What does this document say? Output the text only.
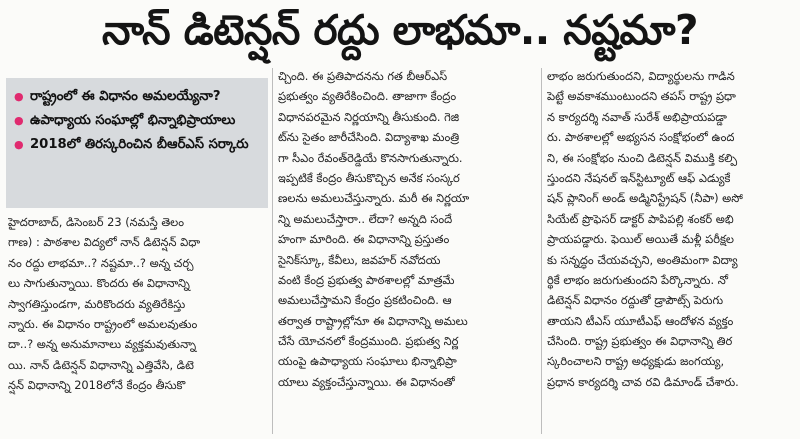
నాన్ డిటెన్షన్ రద్దు లాభమా.. నష్టమా?
● రాష్ట్రంలో ఈ విధానం అమలయ్యేనా?
● ఉపాధ్యాయ సంఘాల్లో భిన్నాభిప్రాయాలు
● 2018లో తిరస్కరించిన బీఆర్ఎస్ సర్కారు
హైదరాబాద్, డిసెంబర్ 23 (నమస్తే తెలం
గాణ) : పాఠశాల విద్యలో నాన్ డిటెన్షన్ విధా
నం రద్దు లాభమా..? నష్టమా..? అన్న చర్చ
లు సాగుతున్నాయి. కొందరు ఈ విధానాన్ని
స్వాగతిస్తుండగా, మరికొందరు వ్యతిరేకిస్తు
న్నారు. ఈ విధానం రాష్ట్రంలో అమలవుతుం
దా..? అన్న అనుమానాలు వ్యక్తమవుతున్నా
యి. నాన్ డిటెన్షన్ విధానాన్ని ఎత్తివేసి, డిటె
న్షన్ విధానాన్ని 2018లోనే కేంద్రం తీసుకొ
చ్చింది. ఈ ప్రతిపాదనను గత బీఆర్ఎస్
ప్రభుత్వం వ్యతిరేకించింది. తాజాగా కేంద్రం
విధానపరమైన నిర్ణయాన్ని తీసుకుంది. గెజి
ట్‌ను సైతం జారీచేసింది. విద్యాశాఖ మంత్రి
గా సీఎం రేవంత్‌రెడ్డియే కొనసాగుతున్నారు.
ఇప్పటికే కేంద్రం తీసుకొచ్చిన అనేక సంస్కర
ణలను అమలుచేస్తున్నారు. మరీ ఈ నిర్ణయా
న్ని అమలుచేస్తారా.. లేదా? అన్నది సందే
హంగా మారింది. ఈ విధానాన్ని ప్రస్తుతం
సైనిక్‌స్కూ, కేవీలు, జవహర్ నవోదయ
వంటి కేంద్ర ప్రభుత్వ పాఠశాలల్లో మాత్రమే
అమలుచేస్తామని కేంద్రం ప్రకటించింది. ఆ
తర్వాత రాష్ట్రాల్లోనూ ఈ విధానాన్ని అమలు
చేసే యోచనలో కేంద్రముంది. ప్రభుత్వ నిర్ణ
యంపై ఉపాధ్యాయ సంఘాలు భిన్నాభిప్రా
యాలు వ్యక్తంచేస్తున్నాయి. ఈ విధానంతో
లాభం జరుగుతుందని, విద్యార్థులను గాడిన
పెట్టే అవకాశముంటుందని తపస్ రాష్ట్ర ప్రధా
న కార్యదర్శి నవాత్ సురేశ్ అభిప్రాయపడ్డా
రు. పాఠశాలల్లో అభ్యసన సంక్షోభంలో ఉంద
ని, ఈ సంక్షోభం నుంచి డిటెన్షన్ విముక్తి కల్పి
స్తుందని నేషనల్ ఇన్‌స్టిట్యూట్ ఆఫ్ ఎడ్యుకే
షన్ ప్లానింగ్ అండ్ అడ్మినిస్ట్రేషన్ (నీపా) అసో
సియేట్ ప్రొఫెసర్ డాక్టర్ పాపిపల్లి శంకర్ అభి
ప్రాయపడ్డారు. ఫెయిల్ అయితే మళ్లీ పరీక్షల
కు సన్నద్ధం చేయవచ్చని, అంతిమంగా విద్యా
ర్థికే లాభం జరుగుతుందని పేర్కొన్నారు. నో
డిటెన్షన్ విధానం రద్దుతో డ్రాపౌట్స్ పెరుగు
తాయని టీఎస్ యూటీఎఫ్ ఆందోళన వ్యక్తం
చేసింది. రాష్ట్ర ప్రభుత్వం ఈ విధానాన్ని తిర
స్కరించాలని రాష్ట్ర అధ్యక్షుడు జంగయ్య,
ప్రధాన కార్యదర్శి చావ రవి డిమాండ్ చేశారు.
